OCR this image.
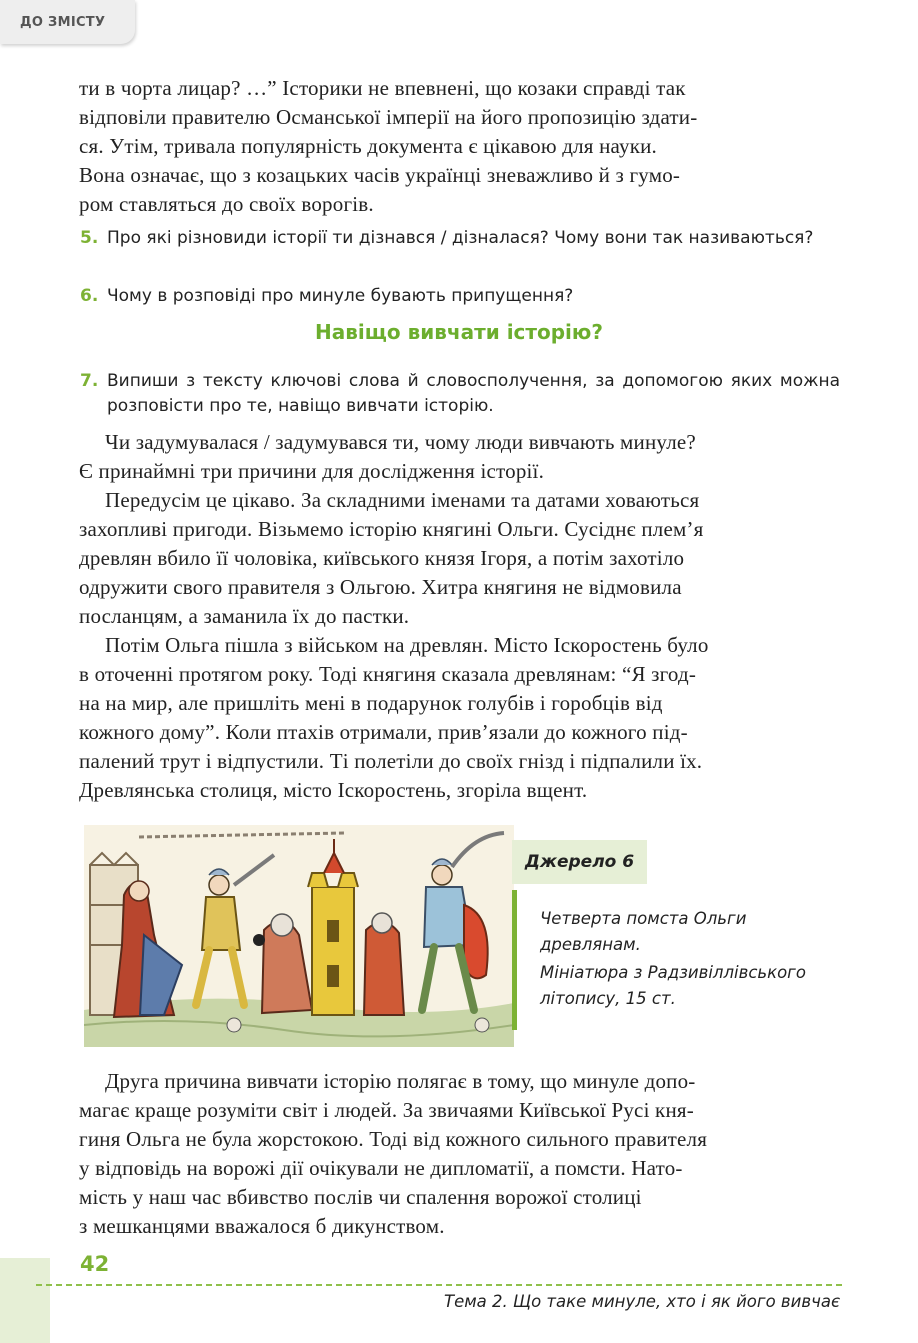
ДО ЗМІСТУ
ти в чорта лицар? …” Історики не впевнені, що козаки справді так
відповіли правителю Османської імперії на його пропозицію здати-
ся. Утім, тривала популярність документа є цікавою для науки.
Вона означає, що з козацьких часів українці зневажливо й з гумо-
ром ставляться до своїх ворогів.
5. Про які різновиди історії ти дізнався / дізналася? Чому вони так називаються?
6. Чому в розповіді про минуле бувають припущення?
Навіщо вивчати історію?
7. Випиши з тексту ключові слова й словосполучення, за допомогою яких можна розповісти про те, навіщо вивчати історію.
Чи задумувалася / задумувався ти, чому люди вивчають минуле?
Є принаймні три причини для дослідження історії.
Передусім це цікаво. За складними іменами та датами ховаються
захопливі пригоди. Візьмемо історію княгині Ольги. Сусіднє плем’я
древлян вбило її чоловіка, київського князя Ігоря, а потім захотіло
одружити свого правителя з Ольгою. Хитра княгиня не відмовила
посланцям, а заманила їх до пастки.
Потім Ольга пішла з військом на древлян. Місто Іскоростень було
в оточенні протягом року. Тоді княгиня сказала древлянам: “Я згод-
на на мир, але пришліть мені в подарунок голубів і горобців від
кожного дому”. Коли птахів отримали, прив’язали до кожного під-
палений трут і відпустили. Ті полетіли до своїх гнізд і підпалили їх.
Древлянська столиця, місто Іскоростень, згоріла вщент.
Джерело 6
Четверта помста Ольги древлянам.
Мініатюра з Радзивіллівського літопису, 15 ст.
Друга причина вивчати історію полягає в тому, що минуле допо-
магає краще розуміти світ і людей. За звичаями Київської Русі кня-
гиня Ольга не була жорстокою. Тоді від кожного сильного правителя
у відповідь на ворожі дії очікували не дипломатії, а помсти. Нато-
мість у наш час вбивство послів чи спалення ворожої столиці
з мешканцями вважалося б дикунством.
42
Тема 2. Що таке минуле, хто і як його вивчає
